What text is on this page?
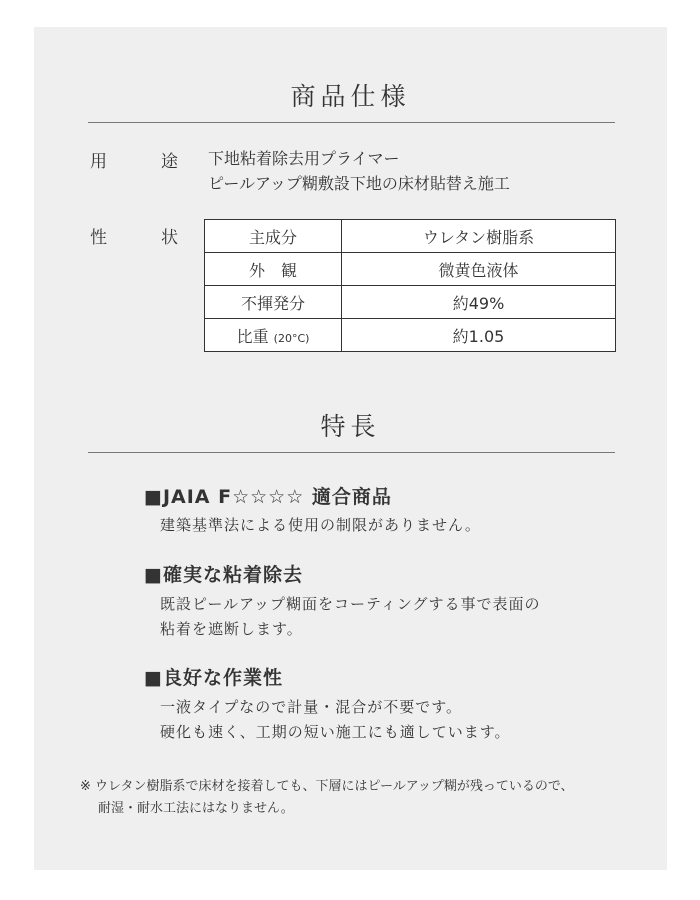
商品仕様
用	途 下地粘着除去用プライマー
ピールアップ糊敷設下地の床材貼替え施工
性	状	主成分	ウレタン樹脂系
外　観	微黄色液体
不揮発分	約49%
比重 (20°C)	約1.05
特長
■JAIA F☆☆☆☆ 適合商品
建築基準法による使用の制限がありません。
■確実な粘着除去
既設ピールアップ糊面をコーティングする事で表面の
粘着を遮断します。
■良好な作業性
一液タイプなので計量・混合が不要です。
硬化も速く、工期の短い施工にも適しています。
※ ウレタン樹脂系で床材を接着しても、下層にはピールアップ糊が残っているので、
耐湿・耐水工法にはなりません。
